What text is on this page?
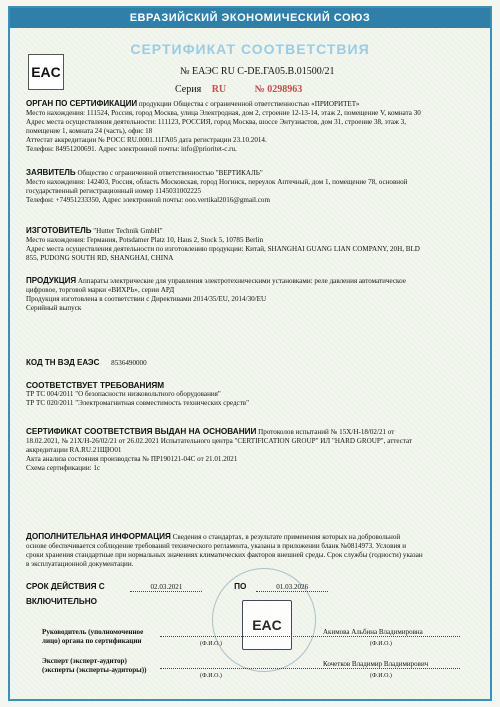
ЕВРАЗИЙСКИЙ ЭКОНОМИЧЕСКИЙ СОЮЗ
СЕРТИФИКАТ СООТВЕТСТВИЯ
EAC	№ ЕАЭС RU С-DE.ГА05.В.01500/21
Серия RU	№ 0298963
ОРГАН ПО СЕРТИФИКАЦИИ продукции Общества с ограниченной ответственностью «ПРИОРИТЕТ»
Место нахождения: 111524, Россия, город Москва, улица Электродная, дом 2, строение 12-13-14, этаж 2, помещение V, комната 30
Адрес места осуществления деятельности: 111123, РОССИЯ, город Москва, шоссе Энтузиастов, дом 31, строение 38, этаж 3,
помещение 1, комната 24 (часть), офис 18
Аттестат аккредитации № РОСС RU.0001.11ГА05 дата регистрации 23.10.2014.
Телефон: 84951200691. Адрес электронной почты: info@prioritet-c.ru.
ЗАЯВИТЕЛЬ Общество с ограниченной ответственностью "ВЕРТИКАЛЬ"
Место нахождения: 142403, Россия, область Московская, город Ногинск, переулок Аптечный, дом 1, помещение 78, основной
государственный регистрационный номер 1145031002225
Телефон: +74951233350, Адрес электронной почты: ooo.vertikal2016@gmail.com
ИЗГОТОВИТЕЛЬ "Hutter Technik GmbH"
Место нахождения: Германия, Potsdamer Platz 10, Haus 2, Stock 5, 10785 Berlin
Адрес места осуществления деятельности по изготовлению продукции: Китай, SHANGHAI GUANG LIAN COMPANY, 20H, BLD
855, PUDONG SOUTH RD, SHANGHAI, CHINA
ПРОДУКЦИЯ Аппараты электрические для управления электротехническими установками: реле давления автоматическое
цифровое, торговой марки «ВИХРЬ», серии АРД
Продукция изготовлена в соответствии с Директивами 2014/35/EU, 2014/30/EU
Серийный выпуск
КОД ТН ВЭД ЕАЭС 8536490000
СООТВЕТСТВУЕТ ТРЕБОВАНИЯМ
ТР ТС 004/2011 "О безопасности низковольтного оборудования"
ТР ТС 020/2011 "Электромагнитная совместимость технических средств"
СЕРТИФИКАТ СООТВЕТСТВИЯ ВЫДАН НА ОСНОВАНИИ Протоколов испытаний № 15Х/Н-18/02/21 от
18.02.2021, № 21Х/Н-26/02/21 от 26.02.2021 Испытательного центра "CERTIFICATION GROUP" ИЛ "HARD GROUP", аттестат
аккредитации RA.RU.21ЩЮ01
Акта анализа состояния производства № ПР190121-04С от 21.01.2021
Схема сертификации: 1с
ДОПОЛНИТЕЛЬНАЯ ИНФОРМАЦИЯ Сведения о стандартах, в результате применения которых на добровольной
основе обеспечивается соблюдение требований технического регламента, указаны в приложении бланк №0814973. Условия и
сроки хранения стандартные при нормальных значениях климатических факторов внешней среды. Срок службы (годности) указан
в эксплуатационной документации.
СРОК ДЕЙСТВИЯ С	02.03.2021	ПО	01.03.2026
ВКЛЮЧИТЕЛЬНО
EAC
Руководитель (уполномоченное
лицо) органа по сертификации
Акимова Альбина Владимировна
(Ф.И.О.)	(Ф.И.О.)
Эксперт (эксперт-аудитор)
(эксперты (эксперты-аудиторы))
Кочетков Владимир Владимирович
(Ф.И.О.)	(Ф.И.О.)
